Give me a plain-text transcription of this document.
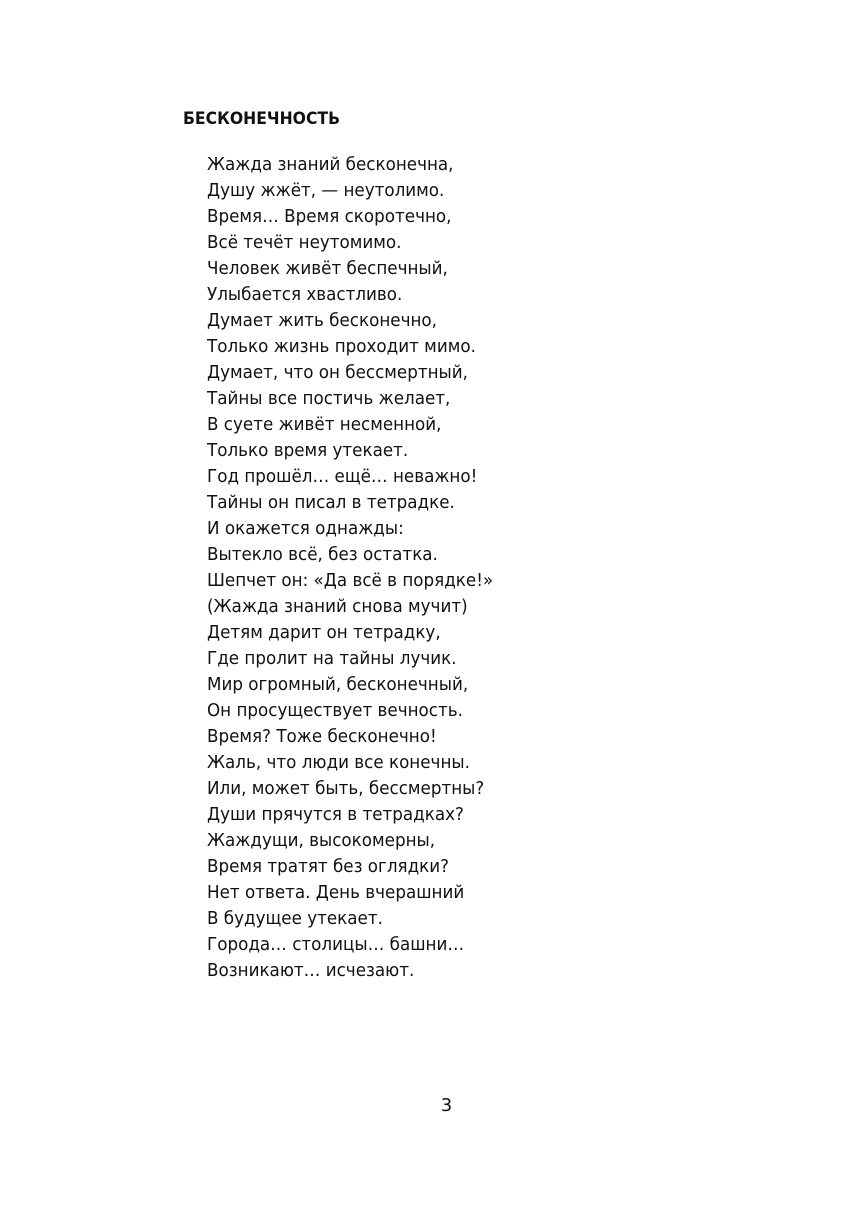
БЕСКОНЕЧНОСТЬ
Жажда знаний бесконечна,
Душу жжёт, — неутолимо.
Время… Время скоротечно,
Всё течёт неутомимо.
Человек живёт беспечный,
Улыбается хвастливо.
Думает жить бесконечно,
Только жизнь проходит мимо.
Думает, что он бессмертный,
Тайны все постичь желает,
В суете живёт несменной,
Только время утекает.
Год прошёл… ещё… неважно!
Тайны он писал в тетрадке.
И окажется однажды:
Вытекло всё, без остатка.
Шепчет он: «Да всё в порядке!»
(Жажда знаний снова мучит)
Детям дарит он тетрадку,
Где пролит на тайны лучик.
Мир огромный, бесконечный,
Он просуществует вечность.
Время? Тоже бесконечно!
Жаль, что люди все конечны.
Или, может быть, бессмертны?
Души прячутся в тетрадках?
Жаждущи, высокомерны,
Время тратят без оглядки?
Нет ответа. День вчерашний
В будущее утекает.
Города… столицы… башни…
Возникают… исчезают.
3
